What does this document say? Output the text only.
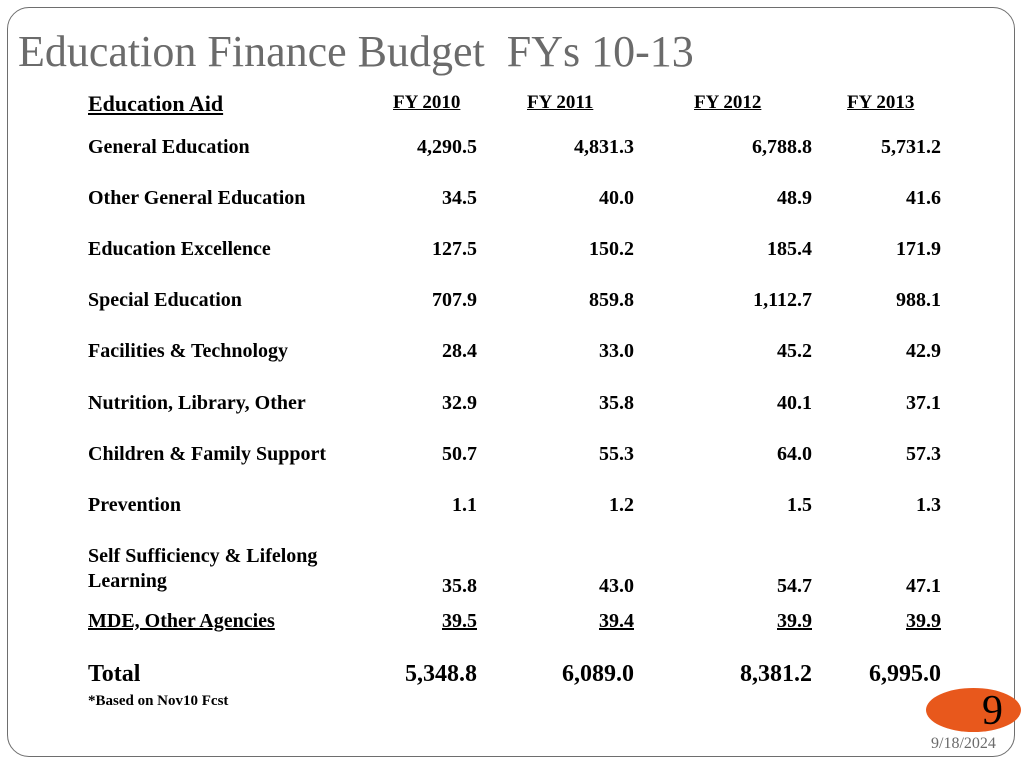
Education Finance Budget  FYs 10-13
Education Aid	FY 2010	FY 2011	FY 2012	FY 2013
General Education	4,290.5	4,831.3	6,788.8	5,731.2
Other General Education	34.5	40.0	48.9	41.6
Education Excellence	127.5	150.2	185.4	171.9
Special Education	707.9	859.8	1,112.7	988.1
Facilities & Technology	28.4	33.0	45.2	42.9
Nutrition, Library, Other	32.9	35.8	40.1	37.1
Children & Family Support	50.7	55.3	64.0	57.3
Prevention	1.1	1.2	1.5	1.3
Self Sufficiency & Lifelong
Learning	35.8	43.0	54.7	47.1
MDE, Other Agencies	39.5	39.4	39.9	39.9
Total	5,348.8	6,089.0	8,381.2 6,995.0
*Based on Nov10 Fcst	9
9/18/2024
